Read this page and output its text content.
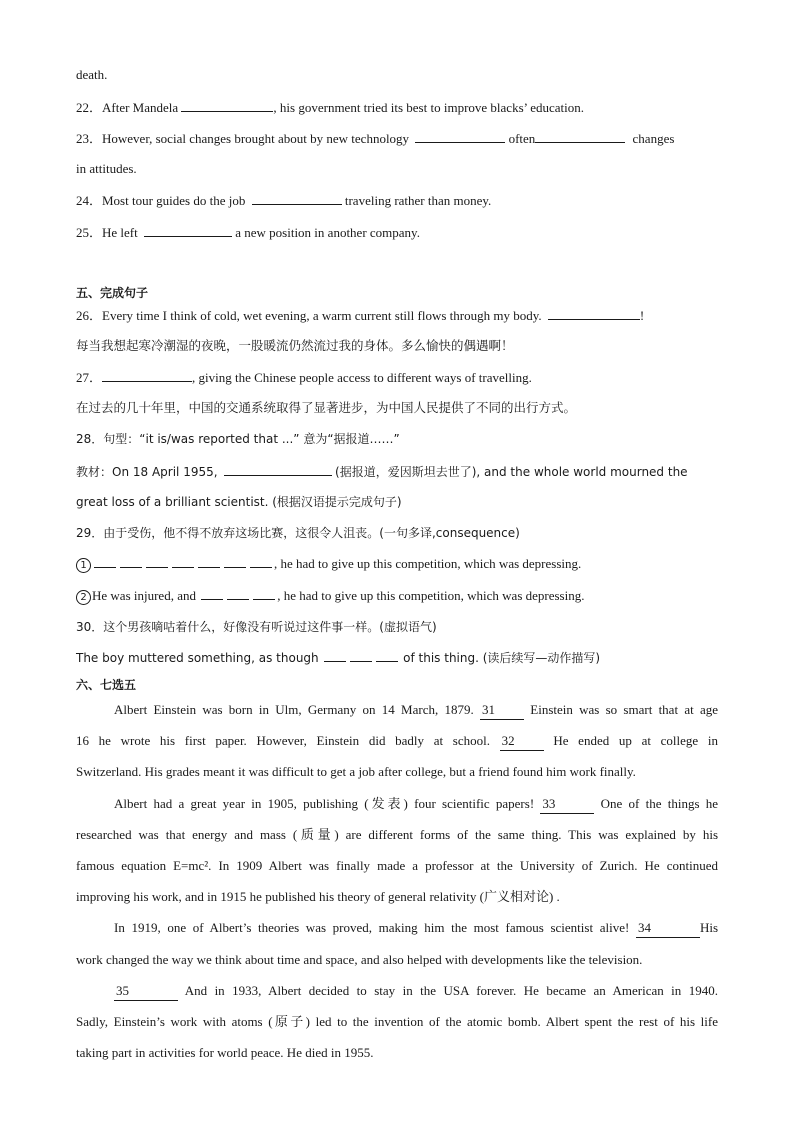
death.
22．After Mandela	, his government tried its best to improve blacks’ education.
23．However, social changes brought about by new technology	often	changes
in attitudes.
24．Most tour guides do the job	traveling rather than money.
25．He left	a new position in another company.
五、完成句子
26．Every time I think of cold, wet evening, a warm current still flows through my body.	!
每当我想起寒冷潮湿的夜晚，一股暖流仍然流过我的身体。多么愉快的偶遇啊！
27．	, giving the Chinese people access to different ways of travelling.
在过去的几十年里，中国的交通系统取得了显著进步，为中国人民提供了不同的出行方式。
28．句型：“it is/was reported that ...” 意为“据报道……”
教材：On 18 April 1955,	(据报道，爱因斯坦去世了), and the whole world mourned the
great loss of a brilliant scientist. (根据汉语提示完成句子)
29．由于受伤，他不得不放弃这场比赛，这很令人沮丧。(一句多译,consequence)
1	, he had to give up this competition, which was depressing.
2 He was injured, and	, he had to give up this competition, which was depressing.
30．这个男孩嘀咕着什么，好像没有听说过这件事一样。(虚拟语气)
The boy muttered something, as though	of this thing. (读后续写—动作描写)
六、七选五
Albert Einstein was born in Ulm, Germany on 14 March, 1879. 31	Einstein was so smart that at age
16 he wrote his first paper. However, Einstein did badly at school. 32	He ended up at college in
Switzerland. His grades meant it was difficult to get a job after college, but a friend found him work finally.
Albert had a great year in 1905, publishing (发表) four scientific papers! 33	One of the things he
researched was that energy and mass (质量) are different forms of the same thing. This was explained by his
famous equation E=mc². In 1909 Albert was finally made a professor at the University of Zurich. He continued
improving his work, and in 1915 he published his theory of general relativity (广义相对论) .
In 1919, one of Albert’s theories was proved, making him the most famous scientist alive! 34	His
work changed the way we think about time and space, and also helped with developments like the television.
35	And in 1933, Albert decided to stay in the USA forever. He became an American in 1940.
Sadly, Einstein’s work with atoms (原子) led to the invention of the atomic bomb. Albert spent the rest of his life
taking part in activities for world peace. He died in 1955.
